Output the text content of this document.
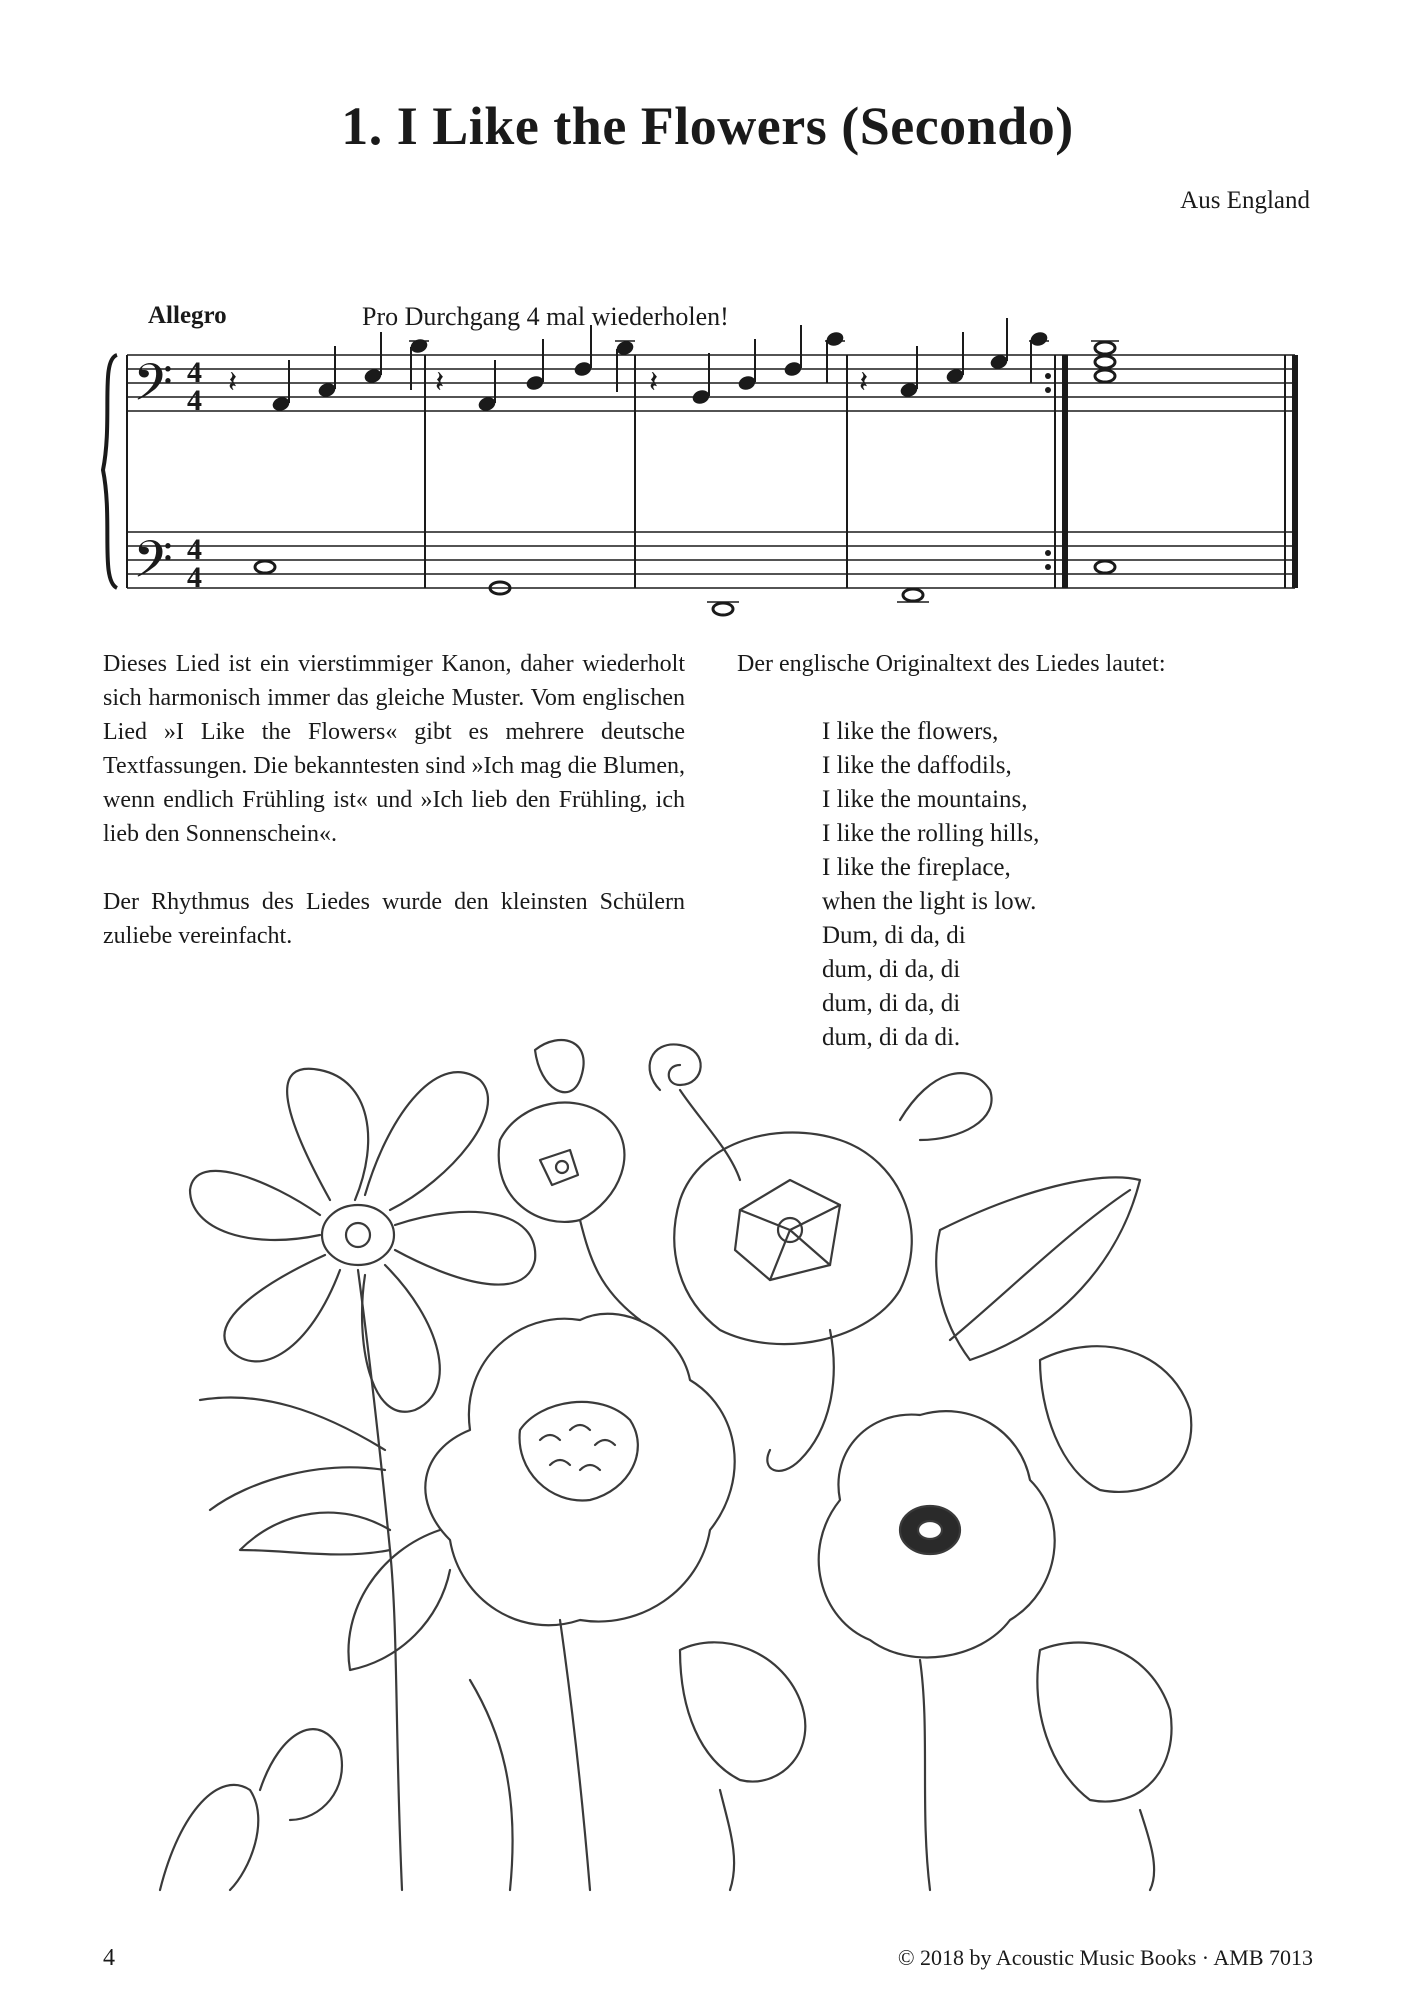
1. I Like the Flowers (Secondo)
Aus England
Allegro	Pro Durchgang 4 mal wiederholen!
𝄢
𝄢
4
4
4
4
𝄽	𝄽	𝄽	𝄽

Dieses Lied ist ein vierstimmiger Kanon, daher wiederholt sich harmonisch immer das gleiche Muster. Vom englischen Lied »I Like the Flowers« gibt es mehrere deutsche Textfassungen. Die bekanntesten sind »Ich mag die Blumen, wenn endlich Frühling ist« und »Ich lieb den Frühling, ich lieb den Sonnenschein«.

Der Rhythmus des Liedes wurde den kleinsten Schülern zuliebe vereinfacht.

Der englische Originaltext des Liedes lautet:
I like the flowers,
I like the daffodils,
I like the mountains,
I like the rolling hills,
I like the fireplace,
when the light is low.
Dum, di da, di
dum, di da, di
dum, di da, di
dum, di da di.
4	© 2018 by Acoustic Music Books · AMB 7013
